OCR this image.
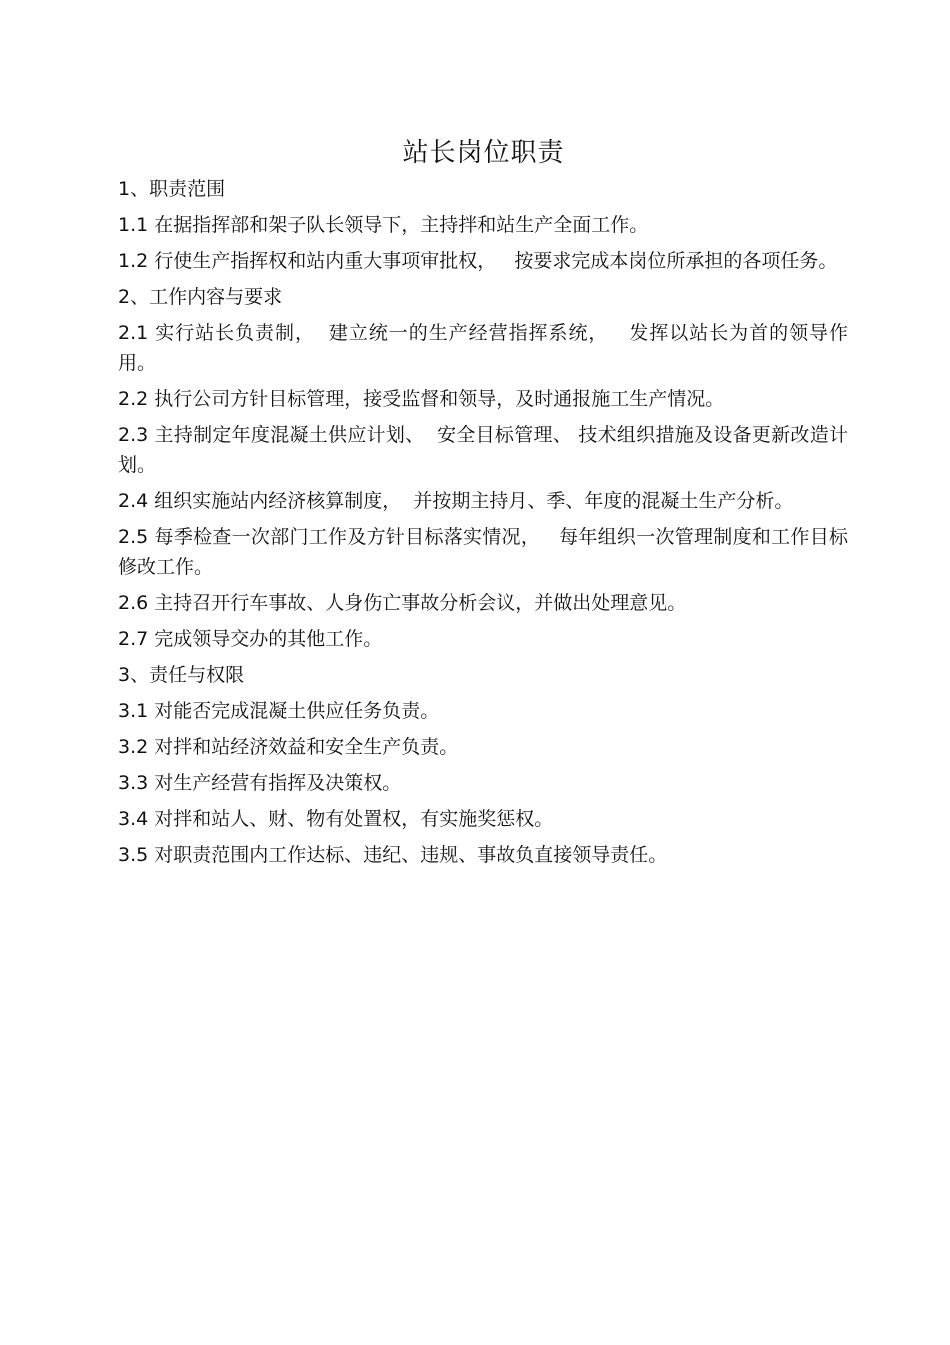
站长岗位职责

1、职责范围

1.1 在据指挥部和架子队长领导下，主持拌和站生产全面工作。

1.2 行使生产指挥权和站内重大事项审批权，   按要求完成本岗位所承担的各项任务。

2、工作内容与要求

2.1 实行站长负责制，  建立统一的生产经营指挥系统，   发挥以站长为首的领导作用。

2.2 执行公司方针目标管理，接受监督和领导，及时通报施工生产情况。

2.3 主持制定年度混凝土供应计划、  安全目标管理、 技术组织措施及设备更新改造计划。

2.4 组织实施站内经济核算制度，  并按期主持月、季、年度的混凝土生产分析。

2.5 每季检查一次部门工作及方针目标落实情况，   每年组织一次管理制度和工作目标修改工作。

2.6 主持召开行车事故、人身伤亡事故分析会议，并做出处理意见。

2.7 完成领导交办的其他工作。

3、责任与权限

3.1 对能否完成混凝土供应任务负责。

3.2 对拌和站经济效益和安全生产负责。

3.3 对生产经营有指挥及决策权。

3.4 对拌和站人、财、物有处置权，有实施奖惩权。

3.5 对职责范围内工作达标、违纪、违规、事故负直接领导责任。
